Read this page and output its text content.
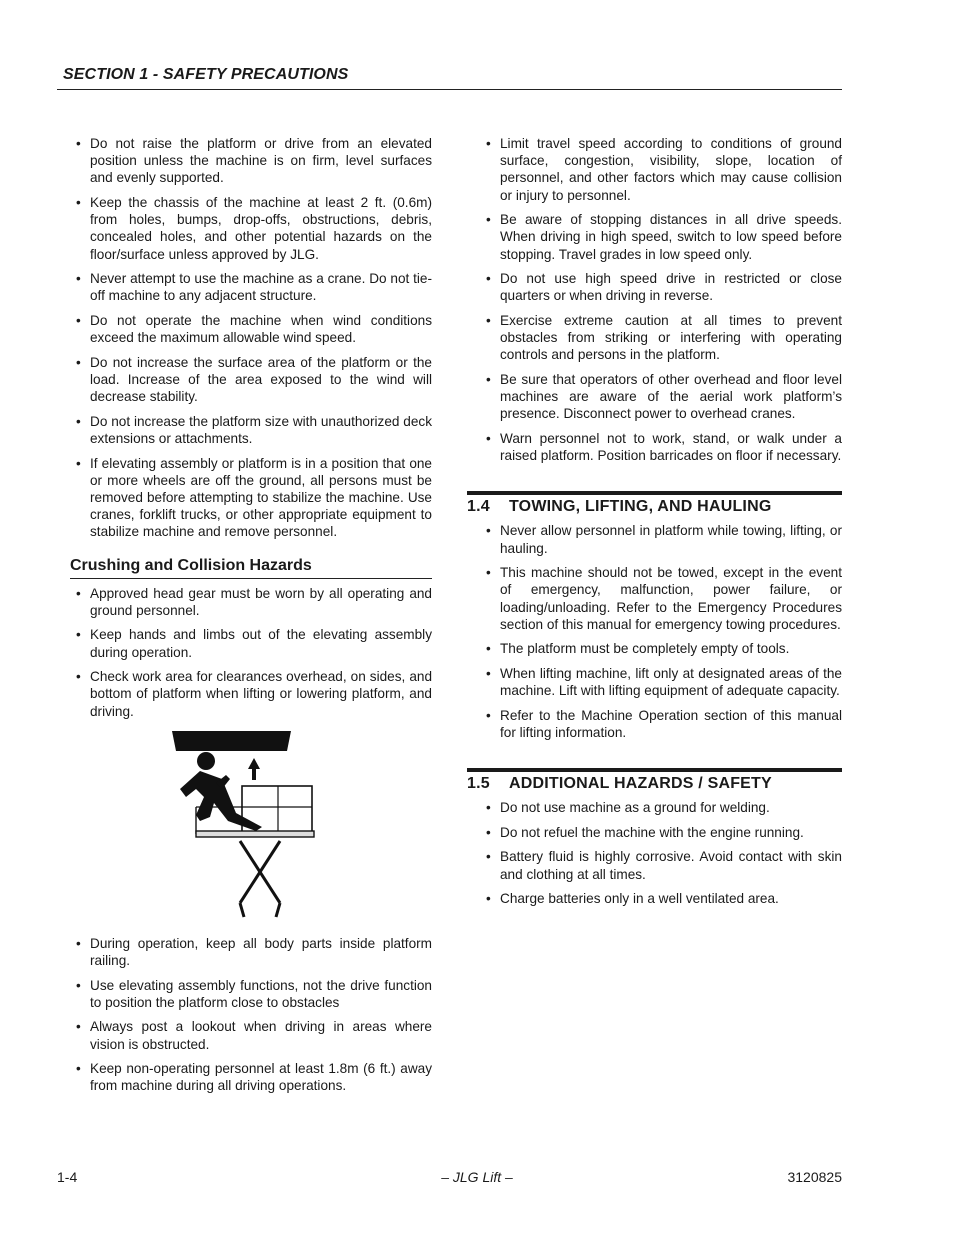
SECTION 1 - SAFETY PRECAUTIONS
• Do not raise the platform or drive from an elevated position unless the machine is on firm, level surfaces and evenly supported.
• Keep the chassis of the machine at least 2 ft. (0.6m) from holes, bumps, drop-offs, obstructions, debris, concealed holes, and other potential hazards on the floor/surface unless approved by JLG.
• Never attempt to use the machine as a crane. Do not tie-off machine to any adjacent structure.
• Do not operate the machine when wind conditions exceed the maximum allowable wind speed.
• Do not increase the surface area of the platform or the load. Increase of the area exposed to the wind will decrease stability.
• Do not increase the platform size with unauthorized deck extensions or attachments.
• If elevating assembly or platform is in a position that one or more wheels are off the ground, all persons must be removed before attempting to stabilize the machine. Use cranes, forklift trucks, or other appropriate equipment to stabilize machine and remove personnel.
Crushing and Collision Hazards
• Approved head gear must be worn by all operating and ground personnel.
• Keep hands and limbs out of the elevating assembly during operation.
• Check work area for clearances overhead, on sides, and bottom of platform when lifting or lowering platform, and driving.
• During operation, keep all body parts inside platform railing.
• Use elevating assembly functions, not the drive function to position the platform close to obstacles
• Always post a lookout when driving in areas where vision is obstructed.
• Keep non-operating personnel at least 1.8m (6 ft.) away from machine during all driving operations.
• Limit travel speed according to conditions of ground surface, congestion, visibility, slope, location of personnel, and other factors which may cause collision or injury to personnel.
• Be aware of stopping distances in all drive speeds. When driving in high speed, switch to low speed before stopping. Travel grades in low speed only.
• Do not use high speed drive in restricted or close quarters or when driving in reverse.
• Exercise extreme caution at all times to prevent obstacles from striking or interfering with operating controls and persons in the platform.
• Be sure that operators of other overhead and floor level machines are aware of the aerial work platform’s presence. Disconnect power to overhead cranes.
• Warn personnel not to work, stand, or walk under a raised platform. Position barricades on floor if necessary.
1.4 TOWING, LIFTING, AND HAULING
• Never allow personnel in platform while towing, lifting, or hauling.
• This machine should not be towed, except in the event of emergency, malfunction, power failure, or loading/unloading. Refer to the Emergency Procedures section of this manual for emergency towing procedures.
• The platform must be completely empty of tools.
• When lifting machine, lift only at designated areas of the machine. Lift with lifting equipment of adequate capacity.
• Refer to the Machine Operation section of this manual for lifting information.
1.5 ADDITIONAL HAZARDS / SAFETY
• Do not use machine as a ground for welding.
• Do not refuel the machine with the engine running.
• Battery fluid is highly corrosive. Avoid contact with skin and clothing at all times.
• Charge batteries only in a well ventilated area.
1-4	– JLG Lift –	3120825
